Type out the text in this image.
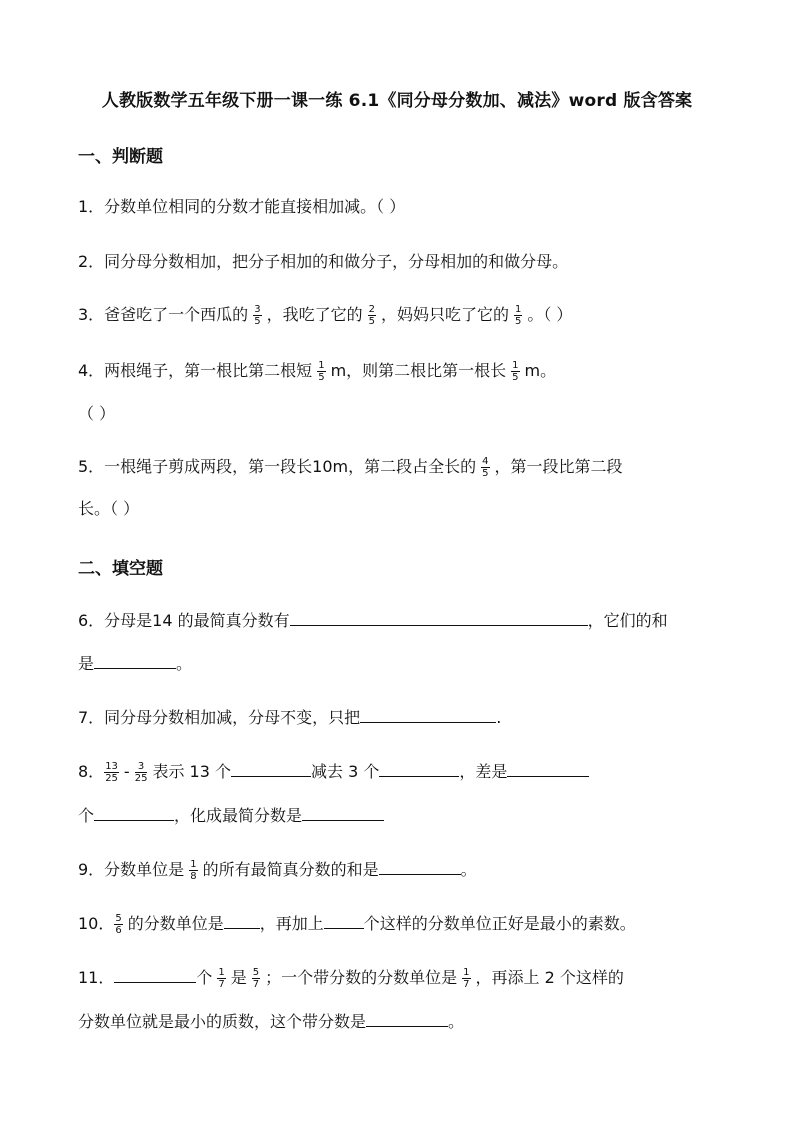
人教版数学五年级下册一课一练 6.1《同分母分数加、减法》word 版含答案
一、判断题
1．分数单位相同的分数才能直接相加减。（ ）
2．同分母分数相加，把分子相加的和做分子，分母相加的和做分母。
3．爸爸吃了一个西瓜的 $\frac{3}{5}$ ，我吃了它的 $\frac{2}{5}$ ，妈妈只吃了它的 $\frac{1}{5}$ 。（ ）
4．两根绳子，第一根比第二根短 $\frac{1}{5}$ m，则第二根比第一根长 $\frac{1}{5}$ m。
（ ）
5．一根绳子剪成两段，第一段长10m，第二段占全长的 $\frac{4}{5}$ ，第一段比第二段
长。（ ）
二、填空题
6．分母是14 的最简真分数有	，它们的和
是	。
7．同分母分数相加减，分母不变，只把	.
8． $\frac{13}{25} - \frac{3}{25}$ 表示 13 个	减去 3 个	，差是
个	，化成最简分数是
9．分数单位是 $\frac{1}{8}$ 的所有最简真分数的和是	。
10． $\frac{5}{6}$ 的分数单位是 ，再加上	个这样的分数单位正好是最小的素数。
11．	个 $\frac{1}{7}$ 是 $\frac{5}{7}$ ；一个带分数的分数单位是 $\frac{1}{7}$ ，再添上 2 个这样的
分数单位就是最小的质数，这个带分数是	。
